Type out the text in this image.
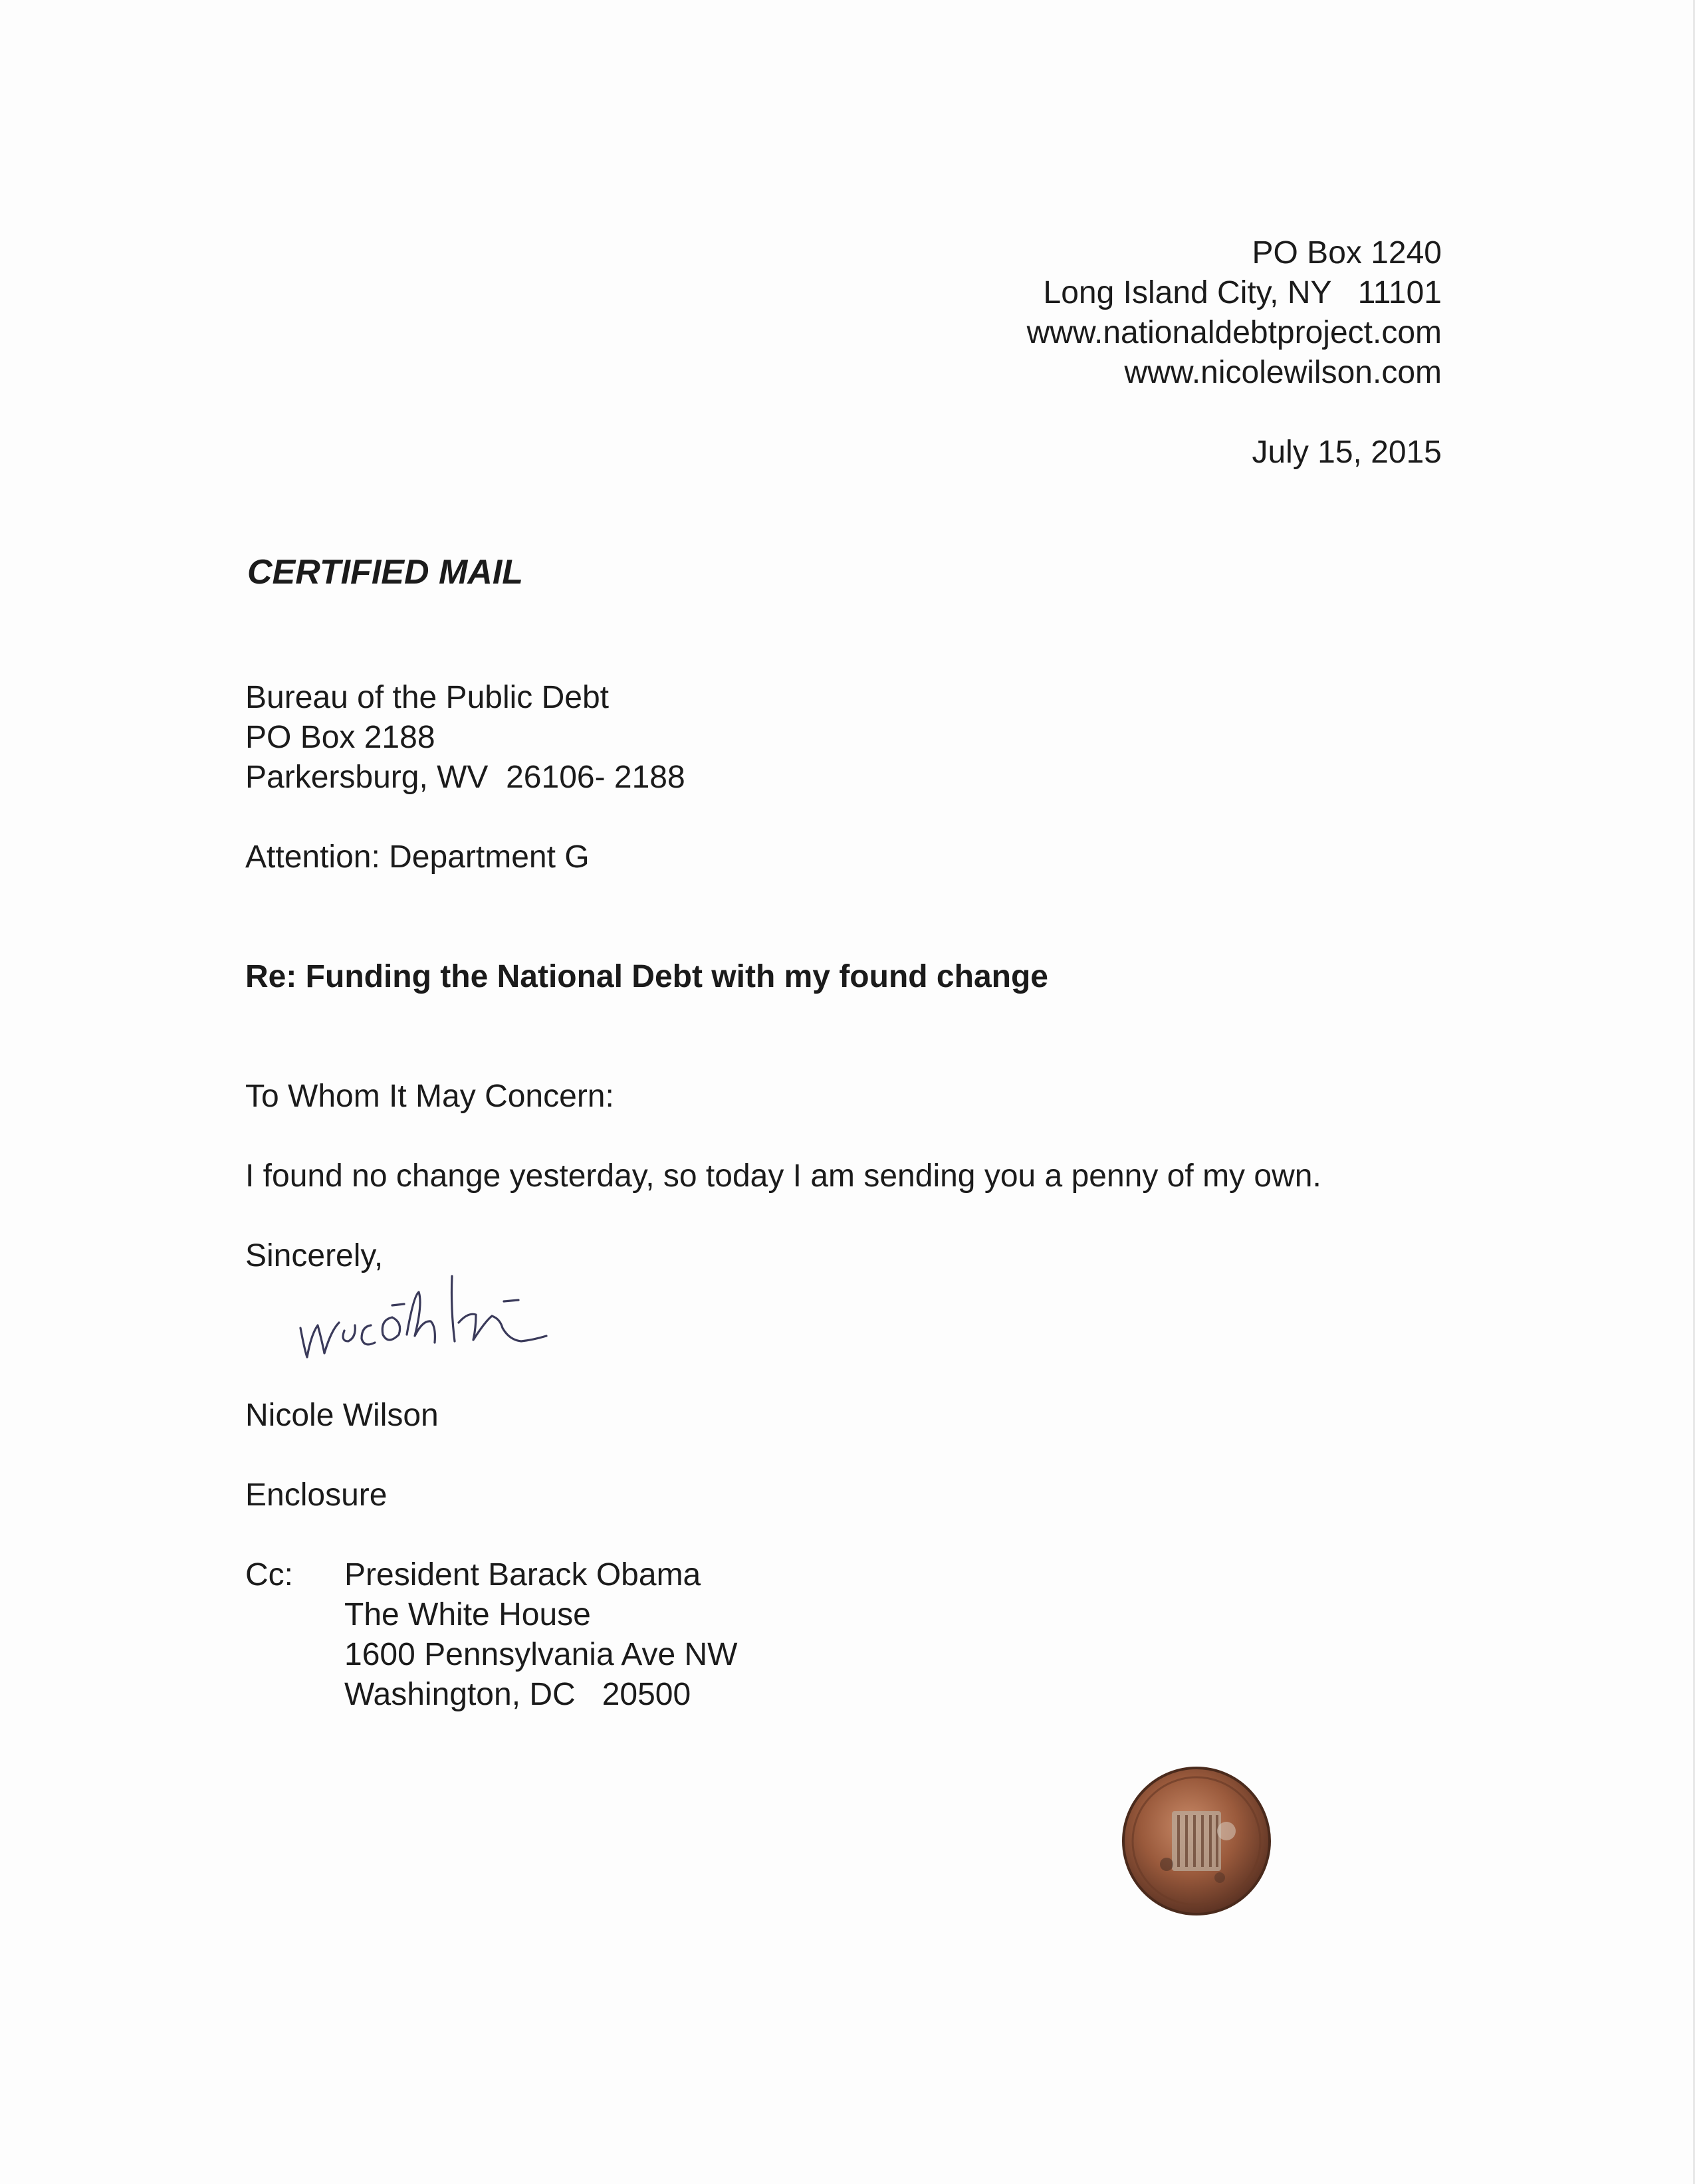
PO Box 1240
Long Island City, NY   11101
www.nationaldebtproject.com
www.nicolewilson.com
July 15, 2015
CERTIFIED MAIL
Bureau of the Public Debt
PO Box 2188
Parkersburg, WV  26106- 2188
Attention: Department G
Re: Funding the National Debt with my found change
To Whom It May Concern:
I found no change yesterday, so today I am sending you a penny of my own.
Sincerely,
Nicole Wilson
Enclosure
Cc: President Barack Obama
The White House
1600 Pennsylvania Ave NW
Washington, DC   20500
